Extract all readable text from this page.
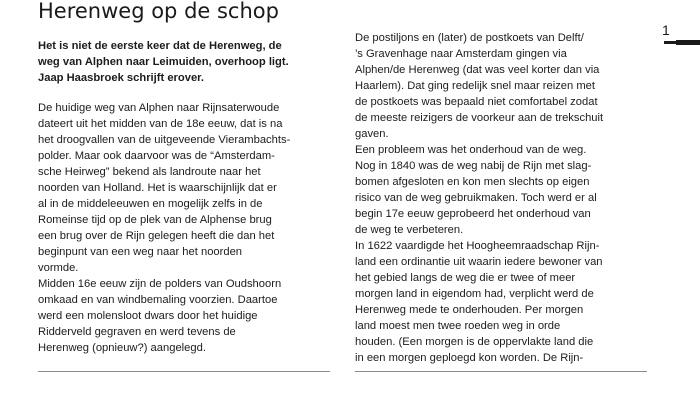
Herenweg op de schop
Het is niet de eerste keer dat de Herenweg, de
weg van Alphen naar Leimuiden, overhoop ligt.
Jaap Haasbroek schrijft erover.
De huidige weg van Alphen naar Rijnsaterwoude
dateert uit het midden van de 18e eeuw, dat is na
het droogvallen van de uitgeveende Vierambachts-
polder. Maar ook daarvoor was de “Amsterdam-
sche Heirweg” bekend als landroute naar het
noorden van Holland. Het is waarschijnlijk dat er
al in de middeleeuwen en mogelijk zelfs in de
Romeinse tijd op de plek van de Alphense brug
een brug over de Rijn gelegen heeft die dan het
beginpunt van een weg naar het noorden
vormde.
Midden 16e eeuw zijn de polders van Oudshoorn
omkaad en van windbemaling voorzien. Daartoe
werd een molensloot dwars door het huidige
Ridderveld gegraven en werd tevens de
Herenweg (opnieuw?) aangelegd.
De postiljons en (later) de postkoets van Delft/
’s Gravenhage naar Amsterdam gingen via
Alphen/de Herenweg (dat was veel korter dan via
Haarlem). Dat ging redelijk snel maar reizen met
de postkoets was bepaald niet comfortabel zodat
de meeste reizigers de voorkeur aan de trekschuit
gaven.
Een probleem was het onderhoud van de weg.
Nog in 1840 was de weg nabij de Rijn met slag-
bomen afgesloten en kon men slechts op eigen
risico van de weg gebruikmaken. Toch werd er al
begin 17e eeuw geprobeerd het onderhoud van
de weg te verbeteren.
In 1622 vaardigde het Hoogheemraadschap Rijn-
land een ordinantie uit waarin iedere bewoner van
het gebied langs de weg die er twee of meer
morgen land in eigendom had, verplicht werd de
Herenweg mede te onderhouden. Per morgen
land moest men twee roeden weg in orde
houden. (Een morgen is de oppervlakte land die
in een morgen geploegd kon worden. De Rijn-
1
